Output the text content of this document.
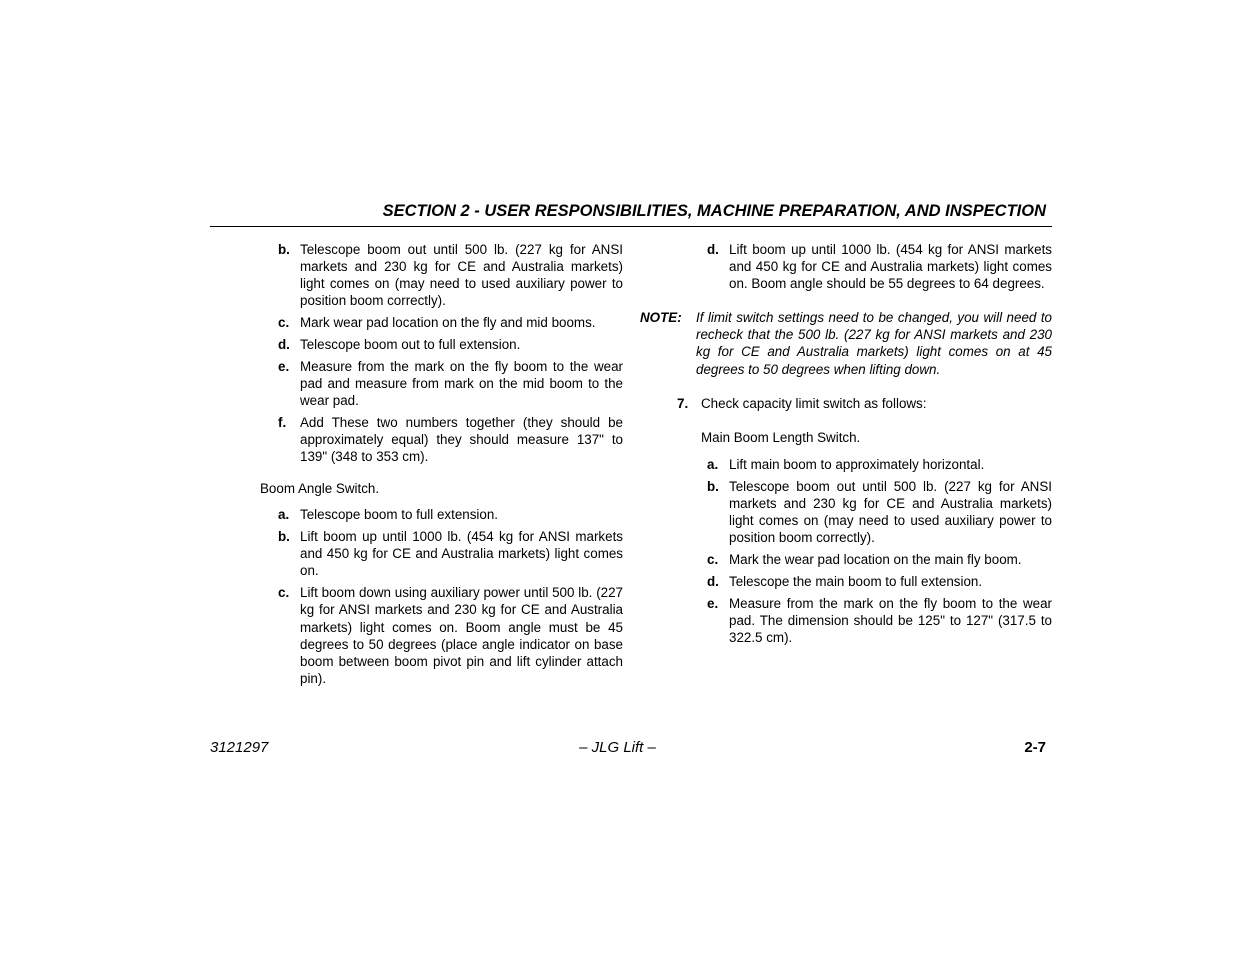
SECTION 2 - USER RESPONSIBILITIES, MACHINE PREPARATION, AND INSPECTION
b. Telescope boom out until 500 lb. (227 kg for ANSI markets and 230 kg for CE and Australia markets) light comes on (may need to used auxiliary power to position boom correctly).
c. Mark wear pad location on the fly and mid booms.
d. Telescope boom out to full extension.
e. Measure from the mark on the fly boom to the wear pad and measure from mark on the mid boom to the wear pad.
f.	Add These two numbers together (they should be approximately equal) they should measure 137" to 139" (348 to 353 cm).
Boom Angle Switch.
a. Telescope boom to full extension.
b. Lift boom up until 1000 lb. (454 kg for ANSI markets and 450 kg for CE and Australia markets) light comes on.
c. Lift boom down using auxiliary power until 500 lb. (227 kg for ANSI markets and 230 kg for CE and Australia markets) light comes on. Boom angle must be 45 degrees to 50 degrees (place angle indicator on base boom between boom pivot pin and lift cylinder attach pin).
d. Lift boom up until 1000 lb. (454 kg for ANSI markets and 450 kg for CE and Australia markets) light comes on. Boom angle should be 55 degrees to 64 degrees.
NOTE:	If limit switch settings need to be changed, you will need to recheck that the 500 lb. (227 kg for ANSI markets and 230 kg for CE and Australia markets) light comes on at 45 degrees to 50 degrees when lifting down.
7. Check capacity limit switch as follows:
Main Boom Length Switch.
a. Lift main boom to approximately horizontal.
b. Telescope boom out until 500 lb. (227 kg for ANSI markets and 230 kg for CE and Australia markets) light comes on (may need to used auxiliary power to position boom correctly).
c. Mark the wear pad location on the main fly boom.
d. Telescope the main boom to full extension.
e. Measure from the mark on the fly boom to the wear pad. The dimension should be 125" to 127" (317.5 to 322.5 cm).
3121297	– JLG Lift –	2-7
